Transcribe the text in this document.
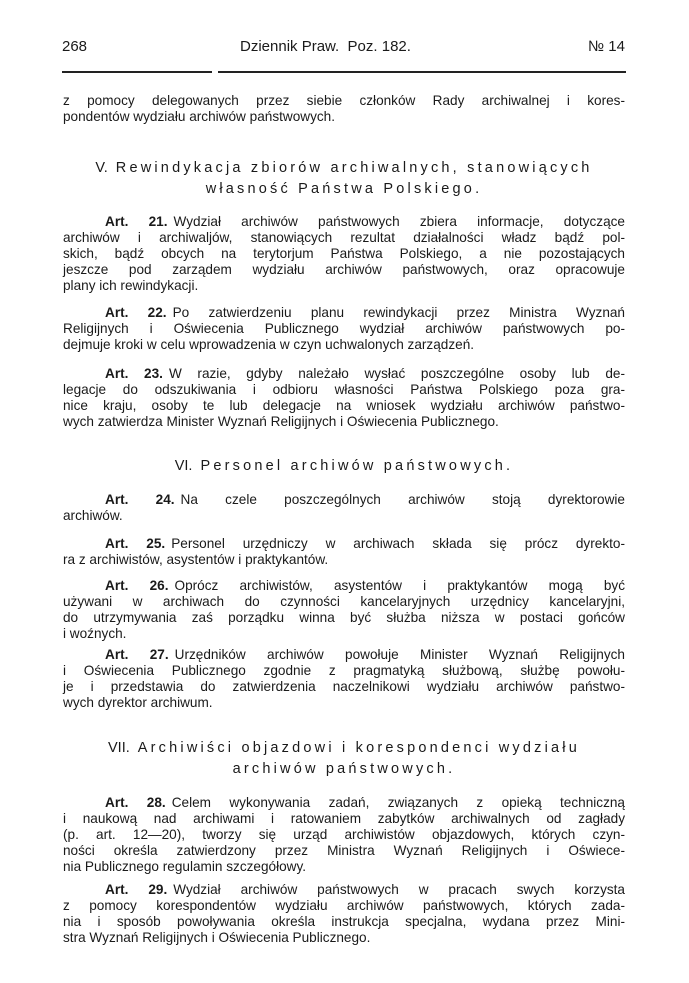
268	Dziennik Praw.  Poz. 182.	№ 14
z pomocy delegowanych przez siebie członków Rady archiwalnej i kores-
pondentów wydziału archiwów państwowych.
V. Rewindykacja zbiorów archiwalnych, stanowiących
własność Państwa Polskiego.
Art. 21. Wydział archiwów państwowych zbiera informacje, dotyczące
archiwów i archiwaljów, stanowiących rezultat działalności władz bądź pol-
skich, bądź obcych na terytorjum Państwa Polskiego, a nie pozostających
jeszcze pod zarządem wydziału archiwów państwowych, oraz opracowuje
plany ich rewindykacji.
Art. 22. Po zatwierdzeniu planu rewindykacji przez Ministra Wyznań
Religijnych i Oświecenia Publicznego wydział archiwów państwowych po-
dejmuje kroki w celu wprowadzenia w czyn uchwalonych zarządzeń.
Art. 23. W razie, gdyby należało wysłać poszczególne osoby lub de-
legacje do odszukiwania i odbioru własności Państwa Polskiego poza gra-
nice kraju, osoby te lub delegacje na wniosek wydziału archiwów państwo-
wych zatwierdza Minister Wyznań Religijnych i Oświecenia Publicznego.
Art. 24. Na czele poszczególnych archiwów stoją dyrektorowie
archiwów.
Art. 25. Personel urzędniczy w archiwach składa się prócz dyrekto-
ra z archiwistów, asystentów i praktykantów.
Art. 26. Oprócz archiwistów, asystentów i praktykantów mogą być
używani w archiwach do czynności kancelaryjnych urzędnicy kancelaryjni,
do utrzymywania zaś porządku winna być służba niższa w postaci gońców
i woźnych.
Art. 27. Urzędników archiwów powołuje Minister Wyznań Religijnych
i Oświecenia Publicznego zgodnie z pragmatyką służbową, służbę powołu-
je i przedstawia do zatwierdzenia naczelnikowi wydziału archiwów państwo-
wych dyrektor archiwum.
Art. 28. Celem wykonywania zadań, związanych z opieką techniczną
i naukową nad archiwami i ratowaniem zabytków archiwalnych od zagłady
(p. art. 12—20), tworzy się urząd archiwistów objazdowych, których czyn-
ności określa zatwierdzony przez Ministra Wyznań Religijnych i Oświece-
nia Publicznego regulamin szczegółowy.
Art. 29. Wydział archiwów państwowych w pracach swych korzysta
z pomocy korespondentów wydziału archiwów państwowych, których zada-
nia i sposób powoływania określa instrukcja specjalna, wydana przez Mini-
stra Wyznań Religijnych i Oświecenia Publicznego.
VI. Personel archiwów państwowych.
VII. Archiwiści objazdowi i korespondenci wydziału
archiwów państwowych.
